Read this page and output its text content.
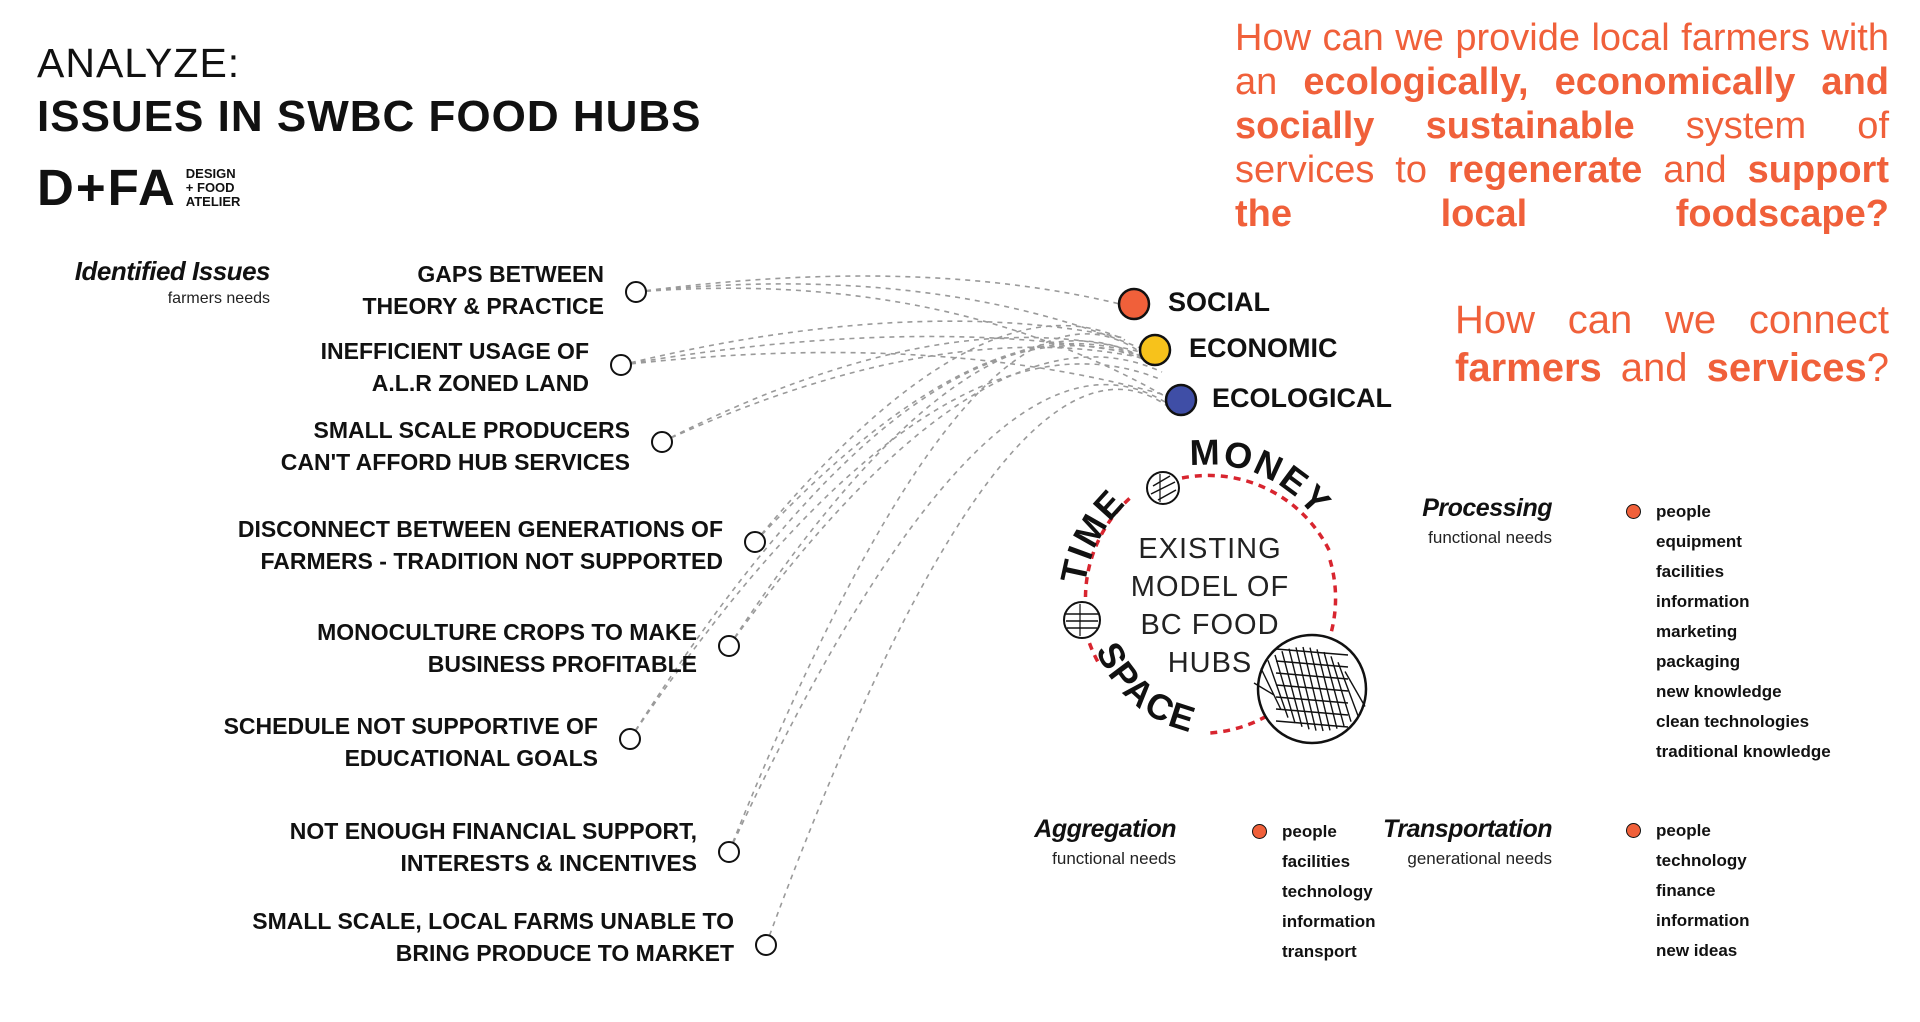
TIME
MONEY
SPACE
ANALYZE:
ISSUES IN SWBC FOOD HUBS
D+FA DESIGN
+ FOOD
ATELIER
How can we provide local farmers with an ecologically, economically and socially sustainable system of services to regenerate and support the local foodscape?
How can we connect farmers and services?
Identified Issues
farmers needs
GAPS BETWEEN
THEORY & PRACTICE
INEFFICIENT USAGE OF
A.L.R ZONED LAND
SMALL SCALE PRODUCERS
CAN'T AFFORD HUB SERVICES
DISCONNECT BETWEEN GENERATIONS OF
FARMERS - TRADITION NOT SUPPORTED
MONOCULTURE CROPS TO MAKE
BUSINESS PROFITABLE
SCHEDULE NOT SUPPORTIVE OF
EDUCATIONAL GOALS
NOT ENOUGH FINANCIAL SUPPORT,
INTERESTS & INCENTIVES
SMALL SCALE, LOCAL FARMS UNABLE TO
BRING PRODUCE TO MARKET
SOCIAL
ECONOMIC
ECOLOGICAL
EXISTING
MODEL OF
BC FOOD
HUBS
Processing
functional needs
people
equipment
facilities
information
marketing
packaging
new knowledge
clean technologies
traditional knowledge
Aggregation
functional needs
people
facilities
technology
information
transport
Transportation
generational needs
people
technology
finance
information
new ideas
